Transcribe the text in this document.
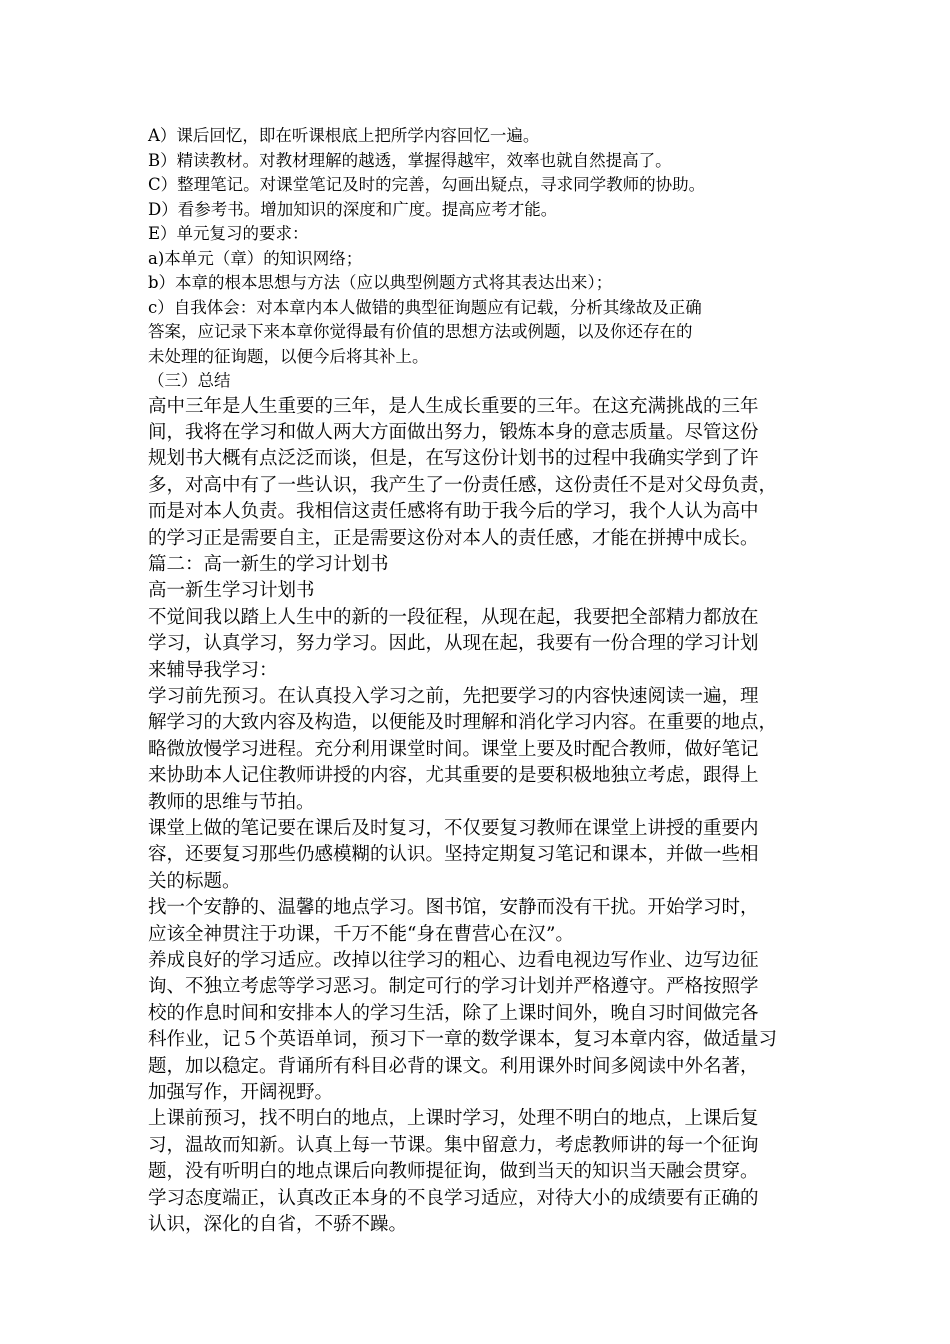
A）课后回忆，即在听课根底上把所学内容回忆一遍。

B）精读教材。对教材理解的越透，掌握得越牢，效率也就自然提高了。

C）整理笔记。对课堂笔记及时的完善，勾画出疑点，寻求同学教师的协助。

D）看参考书。增加知识的深度和广度。提高应考才能。

E）单元复习的要求：

a)本单元（章）的知识网络；

b）本章的根本思想与方法（应以典型例题方式将其表达出来）；

c）自我体会：对本章内本人做错的典型征询题应有记载，分析其缘故及正确
答案，应记录下来本章你觉得最有价值的思想方法或例题，以及你还存在的
未处理的征询题，以便今后将其补上。

（三）总结

高中三年是人生重要的三年，是人生成长重要的三年。在这充满挑战的三年
间，我将在学习和做人两大方面做出努力，锻炼本身的意志质量。尽管这份
规划书大概有点泛泛而谈，但是，在写这份计划书的过程中我确实学到了许
多，对高中有了一些认识，我产生了一份责任感，这份责任不是对父母负责，
而是对本人负责。我相信这责任感将有助于我今后的学习，我个人认为高中
的学习正是需要自主，正是需要这份对本人的责任感，才能在拼搏中成长。

篇二：高一新生的学习计划书

高一新生学习计划书

不觉间我以踏上人生中的新的一段征程，从现在起，我要把全部精力都放在
学习，认真学习，努力学习。因此，从现在起，我要有一份合理的学习计划
来辅导我学习：

学习前先预习。在认真投入学习之前，先把要学习的内容快速阅读一遍，理
解学习的大致内容及构造，以便能及时理解和消化学习内容。在重要的地点，
略微放慢学习进程。充分利用课堂时间。课堂上要及时配合教师，做好笔记
来协助本人记住教师讲授的内容，尤其重要的是要积极地独立考虑，跟得上
教师的思维与节拍。

课堂上做的笔记要在课后及时复习，不仅要复习教师在课堂上讲授的重要内
容，还要复习那些仍感模糊的认识。坚持定期复习笔记和课本，并做一些相
关的标题。

找一个安静的、温馨的地点学习。图书馆，安静而没有干扰。开始学习时，
应该全神贯注于功课，千万不能“身在曹营心在汉”。

养成良好的学习适应。改掉以往学习的粗心、边看电视边写作业、边写边征
询、不独立考虑等学习恶习。制定可行的学习计划并严格遵守。严格按照学
校的作息时间和安排本人的学习生活，除了上课时间外，晚自习时间做完各
科作业，记５个英语单词，预习下一章的数学课本，复习本章内容，做适量习
题，加以稳定。背诵所有科目必背的课文。利用课外时间多阅读中外名著，
加强写作，开阔视野。

上课前预习，找不明白的地点，上课时学习，处理不明白的地点，上课后复
习，温故而知新。认真上每一节课。集中留意力，考虑教师讲的每一个征询
题，没有听明白的地点课后向教师提征询，做到当天的知识当天融会贯穿。

学习态度端正，认真改正本身的不良学习适应，对待大小的成绩要有正确的
认识，深化的自省，不骄不躁。
